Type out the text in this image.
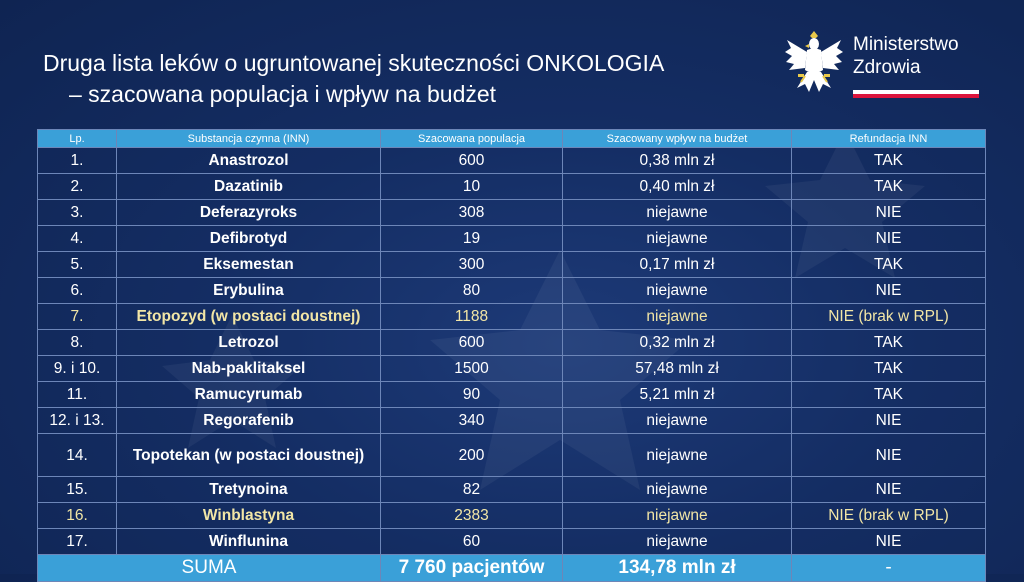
Druga lista leków o ugruntowanej skuteczności ONKOLOGIA
– szacowana populacja i wpływ na budżet
Ministerstwo
Zdrowia
Lp.	Substancja czynna (INN)	Szacowana populacja	Szacowany wpływ na budżet	Refundacja INN
1.	Anastrozol	600	0,38 mln zł	TAK
2.	Dazatinib	10	0,40 mln zł	TAK
3.	Deferazyroks	308	niejawne	NIE
4.	Defibrotyd	19	niejawne	NIE
5.	Eksemestan	300	0,17 mln zł	TAK
6.	Erybulina	80	niejawne	NIE
7.	Etopozyd (w postaci doustnej)	1188	niejawne	NIE (brak w RPL)
8.	Letrozol	600	0,32 mln zł	TAK
9. i 10.	Nab-paklitaksel	1500	57,48 mln zł	TAK
11.	Ramucyrumab	90	5,21 mln zł	TAK
12. i 13.	Regorafenib	340	niejawne	NIE
14.	Topotekan (w postaci doustnej)	200	niejawne	NIE
15.	Tretynoina	82	niejawne	NIE
16.	Winblastyna	2383	niejawne	NIE (brak w RPL)
17.	Winflunina	60	niejawne	NIE
SUMA		7 760 pacjentów	134,78 mln zł	-
